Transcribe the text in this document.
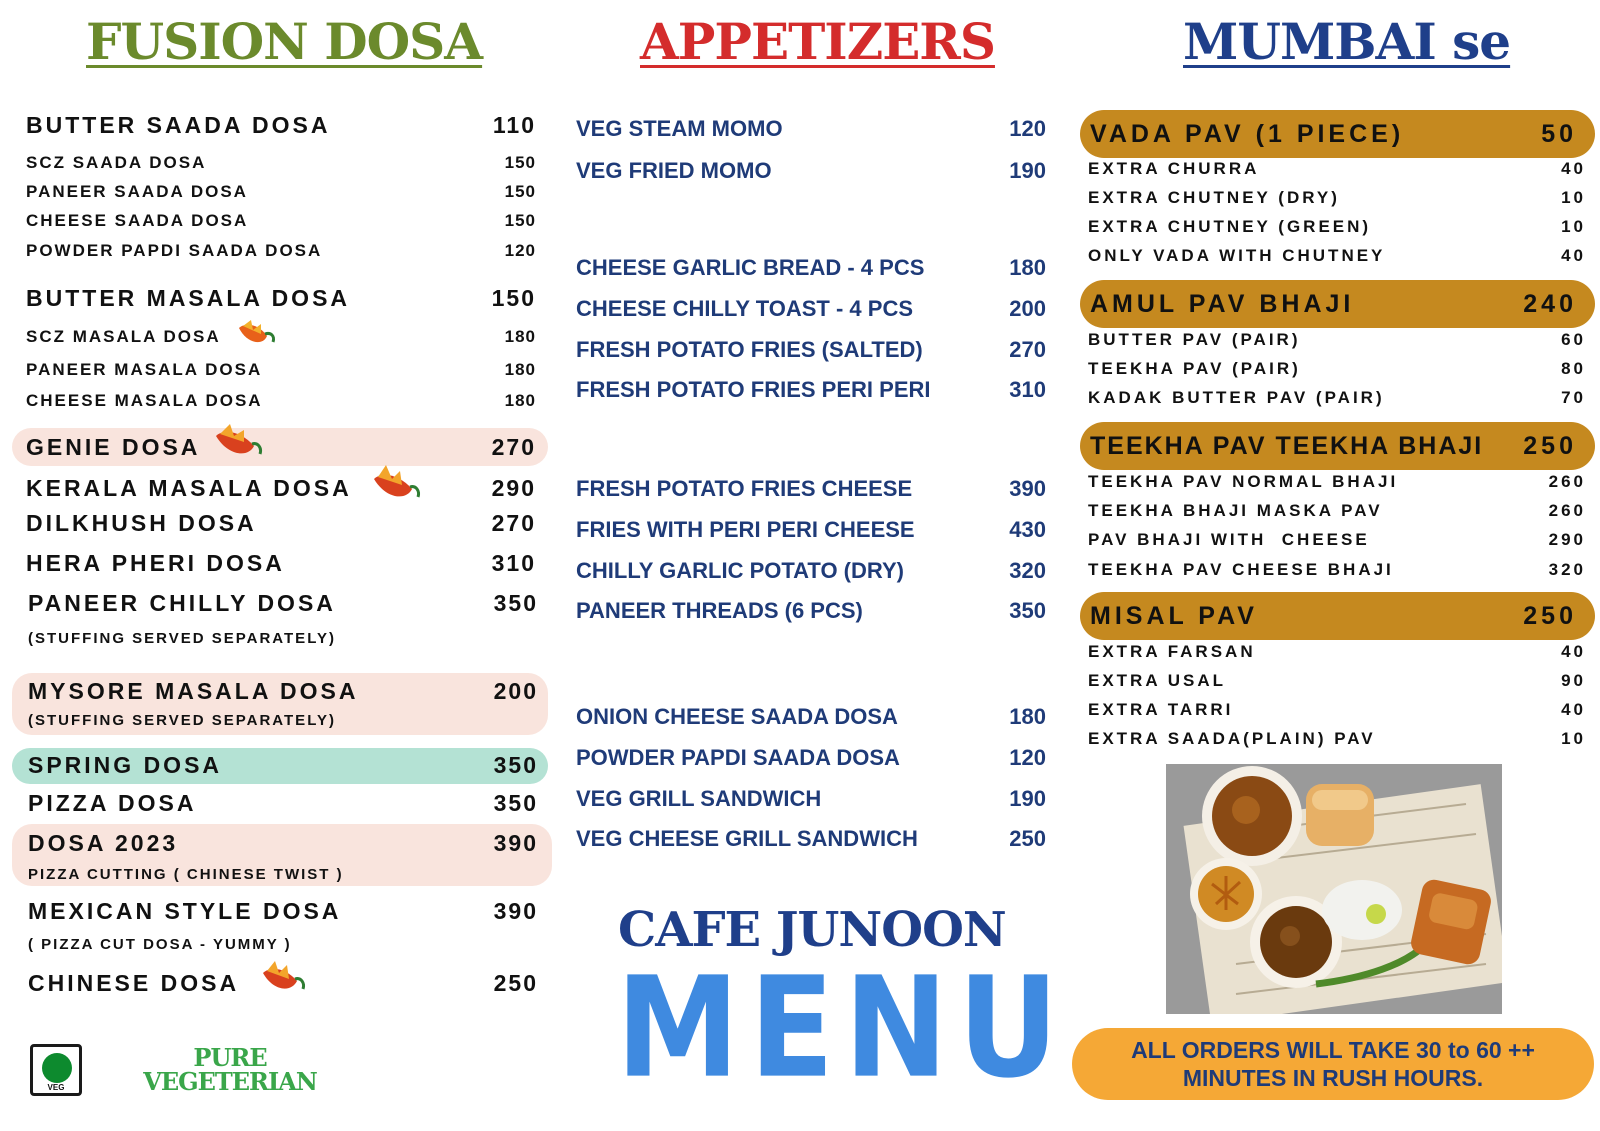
FUSION DOSA	APPETIZERS	MUMBAI se
BUTTER SAADA DOSA	110
SCZ SAADA DOSA	150
PANEER SAADA DOSA	150
CHEESE SAADA DOSA	150
POWDER PAPDI SAADA DOSA	120
BUTTER MASALA DOSA	150
SCZ MASALA DOSA	180
PANEER MASALA DOSA	180
CHEESE MASALA DOSA	180
GENIE DOSA	270
KERALA MASALA DOSA	290
DILKHUSH DOSA	270
HERA PHERI DOSA	310
PANEER CHILLY DOSA	350
(STUFFING SERVED SEPARATELY)
MYSORE MASALA DOSA	200
(STUFFING SERVED SEPARATELY)
SPRING DOSA	350
PIZZA DOSA	350
DOSA 2023	390
PIZZA CUTTING ( CHINESE TWIST )
MEXICAN STYLE DOSA	390
( PIZZA CUT DOSA - YUMMY )
CHINESE DOSA	250
VEG
PURE VEGETERIAN
VEG STEAM MOMO	120
VEG FRIED MOMO	190
CHEESE GARLIC BREAD - 4 PCS	180
CHEESE CHILLY TOAST - 4 PCS	200
FRESH POTATO FRIES (SALTED)	270
FRESH POTATO FRIES PERI PERI	310
FRESH POTATO FRIES CHEESE	390
FRIES WITH PERI PERI CHEESE	430
CHILLY GARLIC POTATO (DRY)	320
PANEER THREADS (6 PCS)	350
ONION CHEESE SAADA DOSA	180
POWDER PAPDI SAADA DOSA	120
VEG GRILL SANDWICH	190
VEG CHEESE GRILL SANDWICH	250
CAFE JUNOON
MENU
VADA PAV (1 PIECE)	50
EXTRA CHURRA	40
EXTRA CHUTNEY (DRY)	10
EXTRA CHUTNEY (GREEN)	10
ONLY VADA WITH CHUTNEY	40
AMUL PAV BHAJI	240
BUTTER PAV (PAIR)	60
TEEKHA PAV (PAIR)	80
KADAK BUTTER PAV (PAIR)	70
TEEKHA PAV TEEKHA BHAJI	250
TEEKHA PAV NORMAL BHAJI	260
TEEKHA BHAJI MASKA PAV	260
PAV BHAJI WITH  CHEESE	290
TEEKHA PAV CHEESE BHAJI	320
MISAL PAV	250
EXTRA FARSAN	40
EXTRA USAL	90
EXTRA TARRI	40
EXTRA SAADA(PLAIN) PAV	10
ALL ORDERS WILL TAKE 30 to 60 ++ MINUTES IN RUSH HOURS.
